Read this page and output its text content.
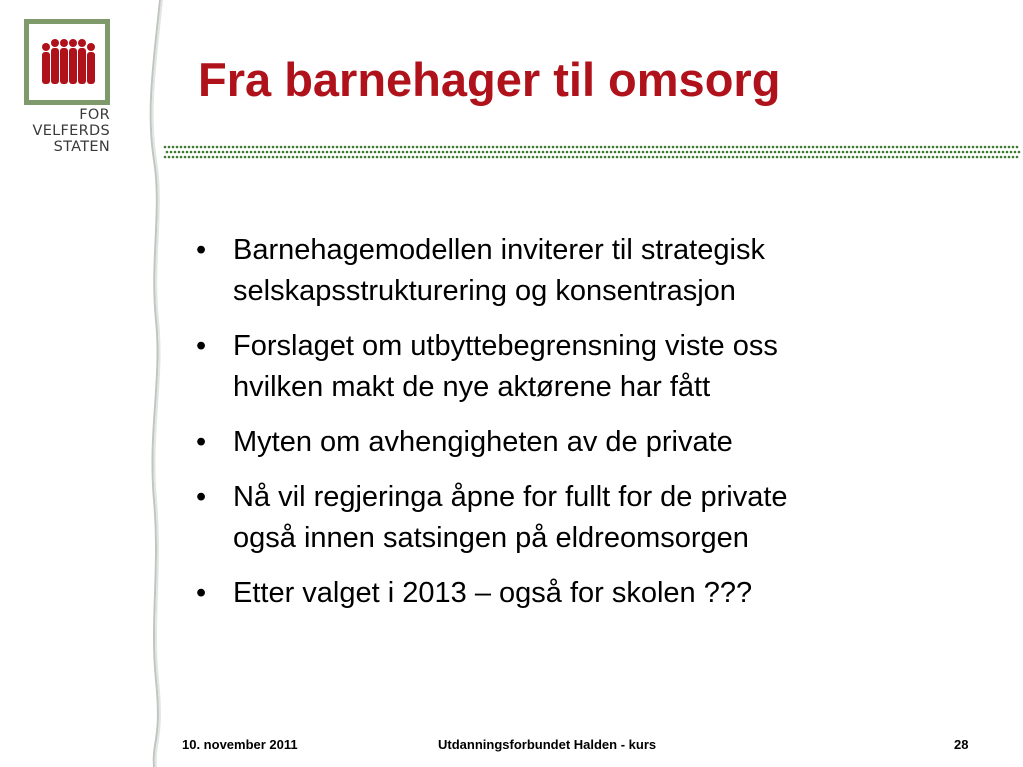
FOR
VELFERDS
STATEN
Fra barnehager til omsorg
• Barnehagemodellen inviterer til strategisk
selskapsstrukturering og konsentrasjon
• Forslaget om utbyttebegrensning viste oss
hvilken makt de nye aktørene har fått
• Myten om avhengigheten av de private
• Nå vil regjeringa åpne for fullt for de private
også innen satsingen på eldreomsorgen
• Etter valget i 2013 – også for skolen ???
10. november 2011	Utdanningsforbundet Halden - kurs	28
